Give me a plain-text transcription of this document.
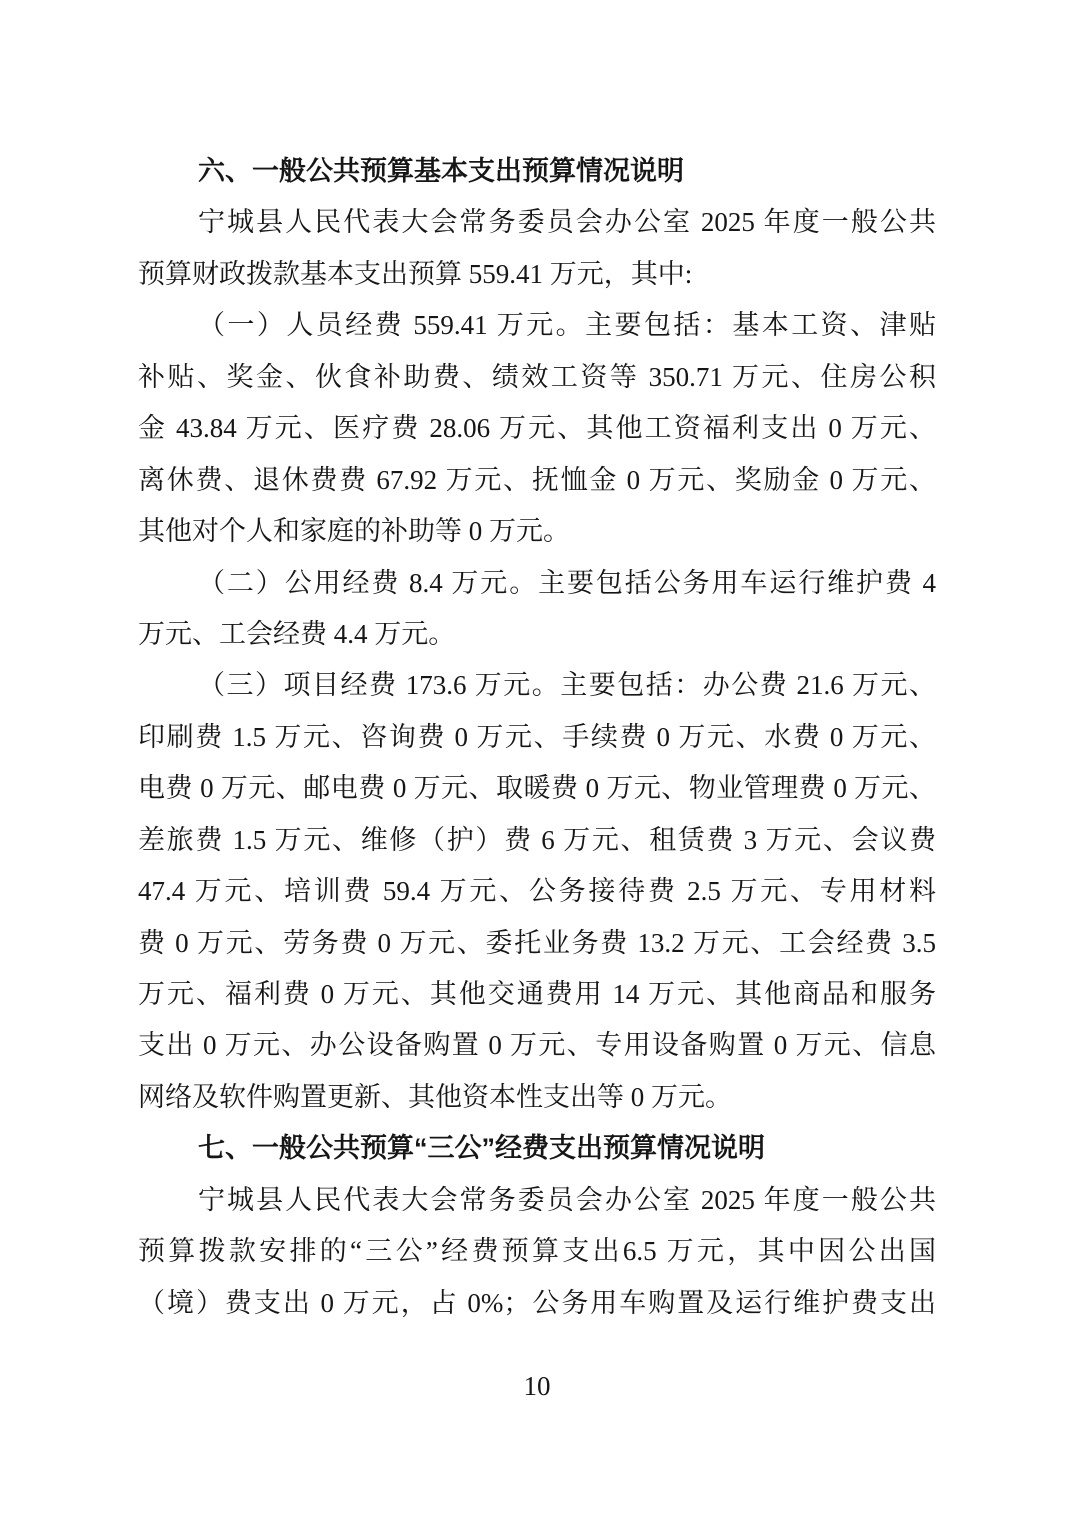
六、一般公共预算基本支出预算情况说明
宁城县人民代表大会常务委员会办公室 2025 年度一般公共
预算财政拨款基本支出预算 559.41 万元，其中:
（一）人员经费 559.41 万元。主要包括：基本工资、津贴
补贴、奖金、伙食补助费、绩效工资等 350.71 万元、住房公积
金 43.84 万元、医疗费 28.06 万元、其他工资福利支出 0 万元、
离休费、退休费费 67.92 万元、抚恤金 0 万元、奖励金 0 万元、
其他对个人和家庭的补助等 0 万元。
（二）公用经费 8.4 万元。主要包括公务用车运行维护费 4
万元、工会经费 4.4 万元。
（三）项目经费 173.6 万元。主要包括：办公费 21.6 万元、
印刷费 1.5 万元、咨询费 0 万元、手续费 0 万元、水费 0 万元、
电费 0 万元、邮电费 0 万元、取暖费 0 万元、物业管理费 0 万元、
差旅费 1.5 万元、维修（护）费 6 万元、租赁费 3 万元、会议费
47.4 万元、培训费 59.4 万元、公务接待费 2.5 万元、专用材料
费 0 万元、劳务费 0 万元、委托业务费 13.2 万元、工会经费 3.5
万元、福利费 0 万元、其他交通费用 14 万元、其他商品和服务
支出 0 万元、办公设备购置 0 万元、专用设备购置 0 万元、信息
网络及软件购置更新、其他资本性支出等 0 万元。
七、一般公共预算“三公”经费支出预算情况说明
宁城县人民代表大会常务委员会办公室 2025 年度一般公共
预算拨款安排的“三公”经费预算支出6.5 万元，其中因公出国
（境）费支出 0 万元，占 0%；公务用车购置及运行维护费支出
10
